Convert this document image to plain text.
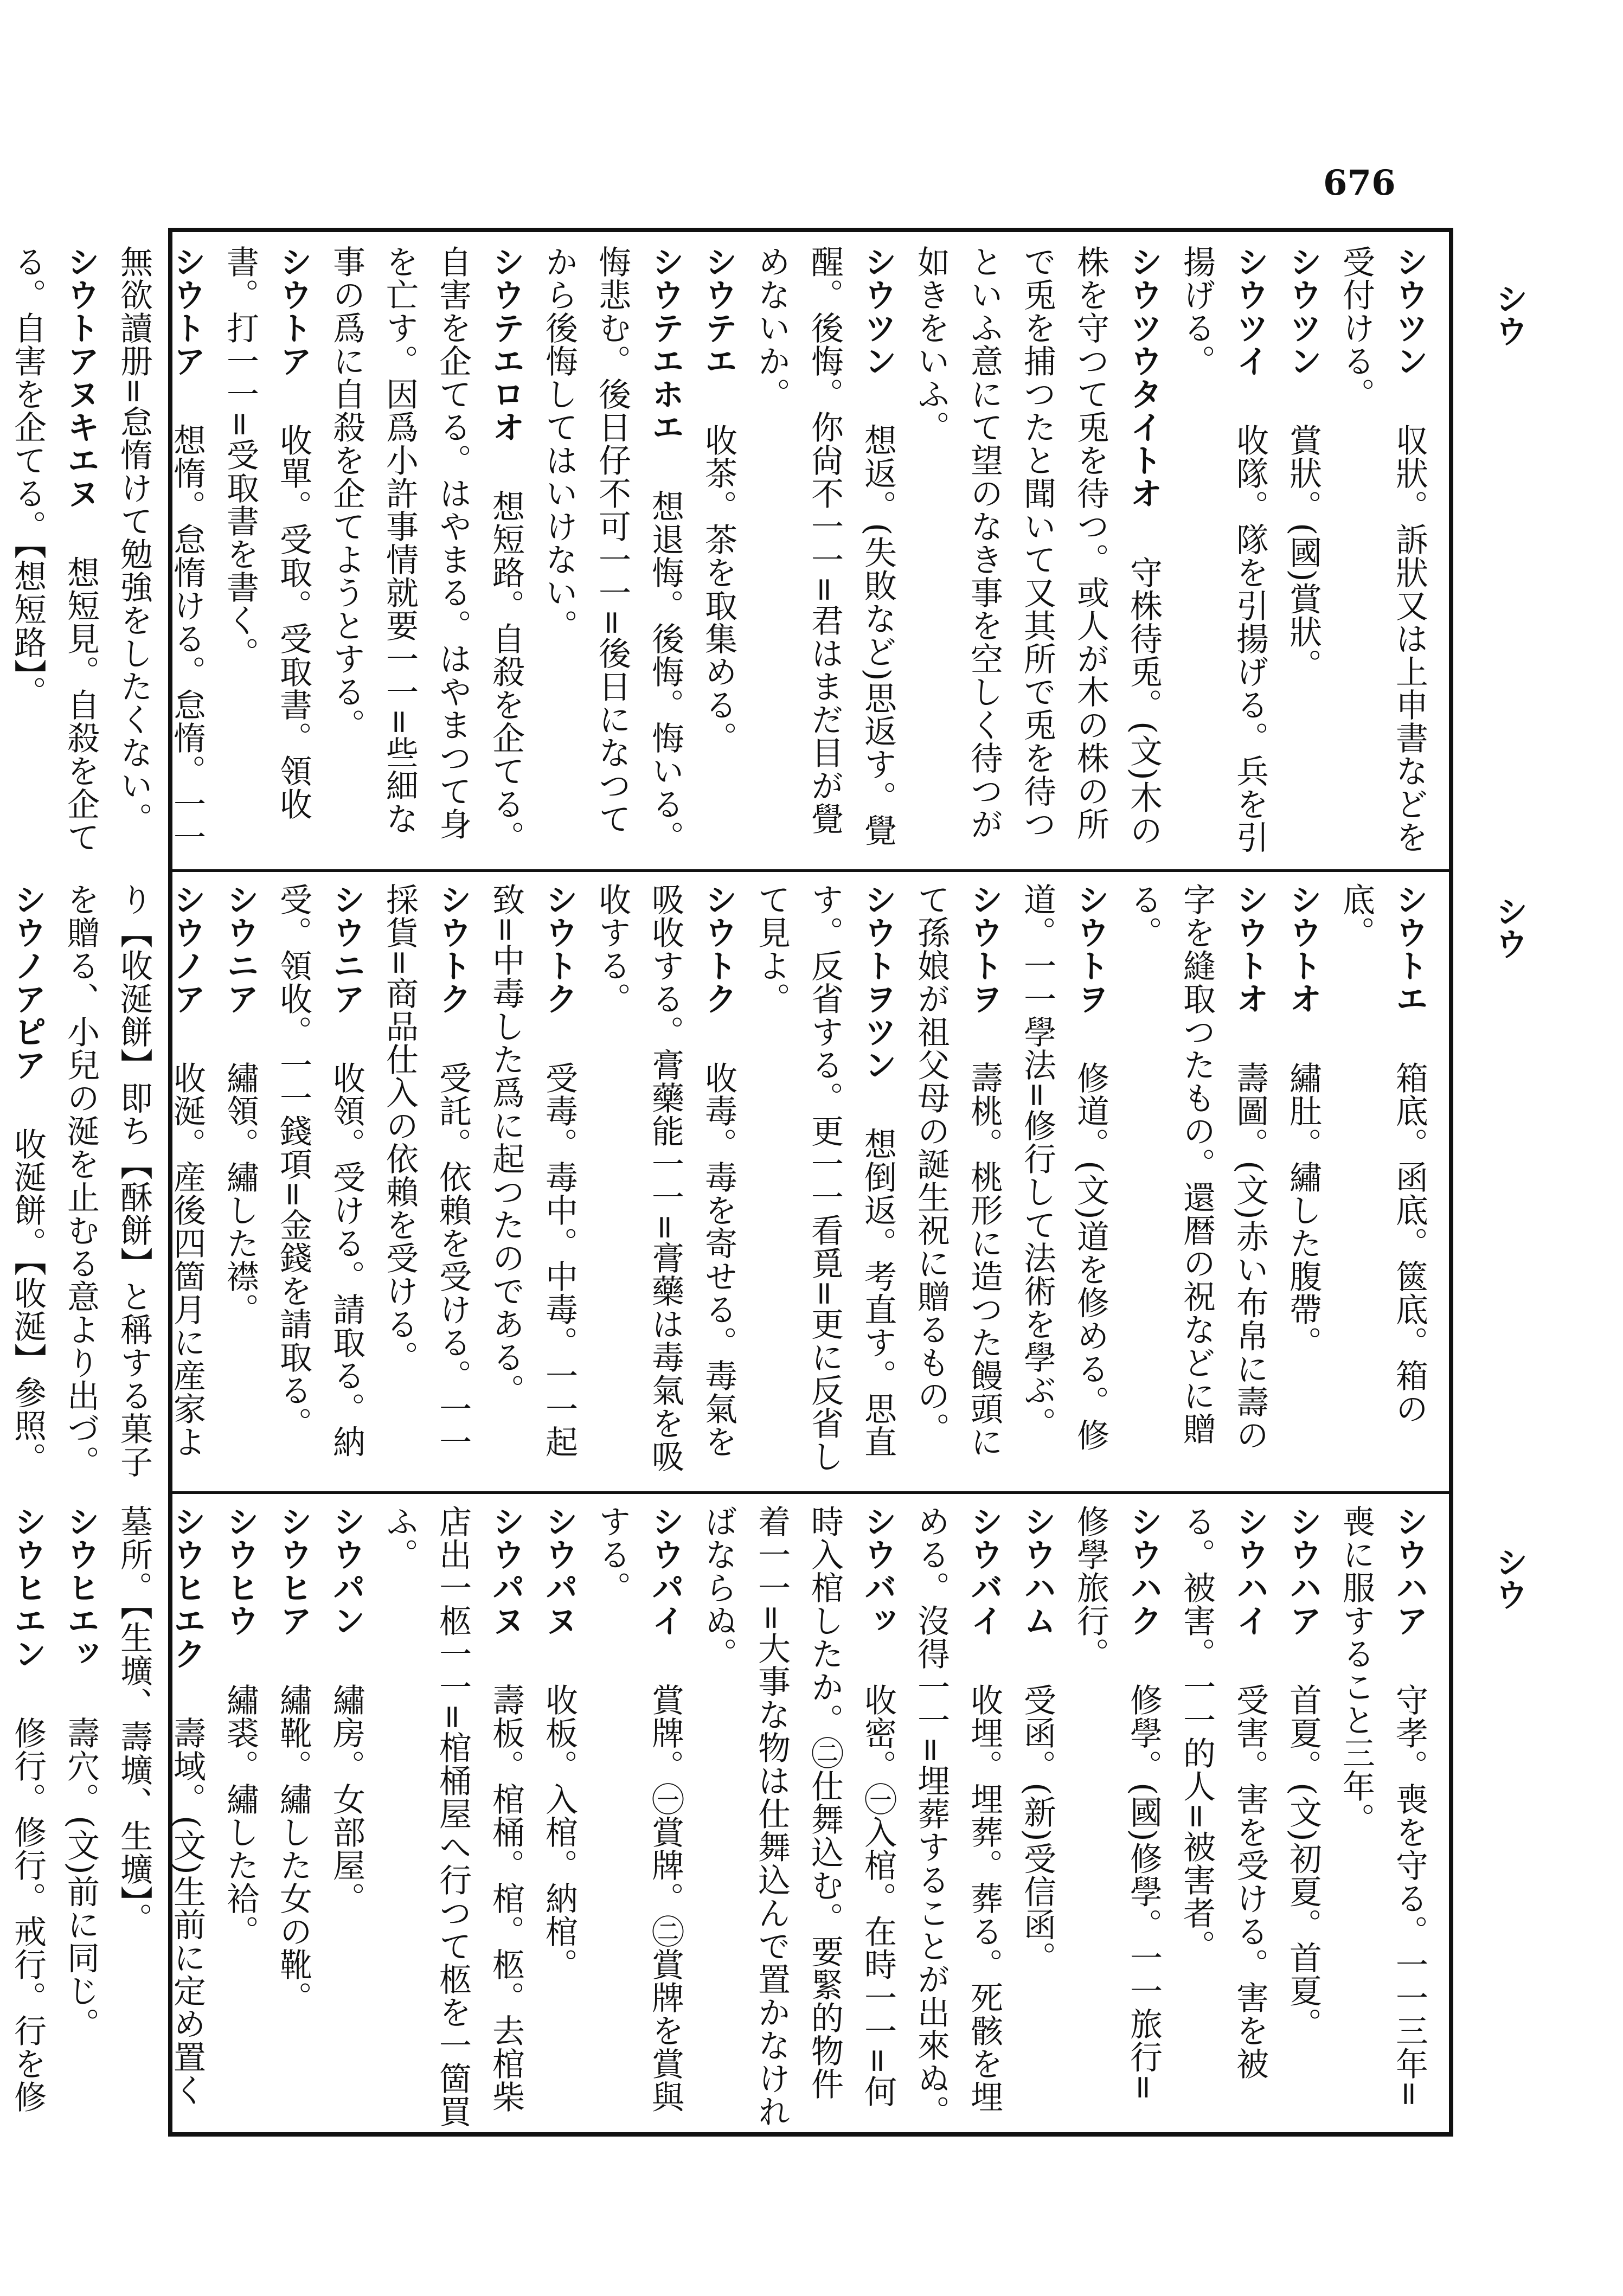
676
シウ
シウ
シウ
シウツン　収狀。訴狀又は上申書などを受付ける。
シウツン　賞狀。(國)賞狀。
シウツイ　收隊。隊を引揚げる。兵を引揚げる。
シウツウタイトオ　守株待兎。(文)木の株を守つて兎を待つ。或人が木の株の所で兎を捕つたと聞いて又其所で兎を待つといふ意にて望のなき事を空しく待つが如きをいふ。
シウツン　想返。(失敗など)思返す。覺醒。後悔。你尙不一一=君はまだ目が覺めないか。
シウテエ　收茶。茶を取集める。
シウテエホエ　想退悔。後悔。悔いる。悔悲む。後日仔不可一一=後日になつてから後悔してはいけない。
シウテエロオ　想短路。自殺を企てる。自害を企てる。はやまる。はやまつて身を亡す。因爲小許事情就要一一=些細な事の爲に自殺を企てようとする。
シウトア　收單。受取。受取書。領收書。打一一=受取書を書く。
シウトア　想惰。怠惰ける。怠惰。一一無欲讀册=怠惰けて勉強をしたくない。
シウトアヌキエヌ　想短見。自殺を企てる。自害を企てる。【想短路】。
シウトエ　箱底。函底。篋底。箱の底。
シウトオ　繡肚。繡した腹帶。
シウトオ　壽圖。(文)赤い布帛に壽の字を縫取つたもの。還暦の祝などに贈る。
シウトヲ　修道。(文)道を修める。修道。一一學法=修行して法術を學ぶ。
シウトヲ　壽桃。桃形に造つた饅頭にて孫娘が祖父母の誕生祝に贈るもの。
シウトヲツン　想倒返。考直す。思直す。反省する。更一一看覓=更に反省して見よ。
シウトク　收毒。毒を寄せる。毒氣を吸收する。膏藥能一一=膏藥は毒氣を吸收する。
シウトク　受毒。毒中。中毒。一一起致=中毒した爲に起つたのである。
シウトク　受託。依賴を受ける。一一採貨=商品仕入の依賴を受ける。
シウニア　收領。受ける。請取る。納受。領收。一一錢項=金錢を請取る。
シウニア　繡領。繡した襟。
シウノア　收涎。産後四箇月に産家より【收涎餅】即ち【酥餅】と稱する菓子を贈る、小兒の涎を止むる意より出づ。
シウノアピア　收涎餅。【收涎】參照。
シウハア　守孝。喪を守る。一一三年=喪に服すること三年。
シウハア　首夏。(文)初夏。首夏。
シウハイ　受害。害を受ける。害を被る。被害。一一的人=被害者。
シウハク　修學。(國)修學。一一旅行=修學旅行。
シウハム　受函。(新)受信函。
シウバイ　收埋。埋葬。葬る。死骸を埋める。沒得一一=埋葬することが出來ぬ。
シウバッ　收密。㊀入棺。在時一一=何時入棺したか。㊁仕舞込む。要緊的物件着一一=大事な物は仕舞込んで置かなければならぬ。
シウパイ　賞牌。㊀賞牌。㊁賞牌を賞與する。
シウパヌ　收板。入棺。納棺。
シウパヌ　壽板。棺桶。棺。柩。去棺柴店出一柩一一=棺桶屋へ行つて柩を一箇買ふ。
シウパン　繡房。女部屋。
シウヒア　繡靴。繡した女の靴。
シウヒウ　繡裘。繡した袷。
シウヒエク　壽域。(文)生前に定め置く墓所。【生壙、壽壙、生壙】。
シウヒエッ　壽穴。(文)前に同じ。
シウヒエン　修行。修行。戒行。行を修
